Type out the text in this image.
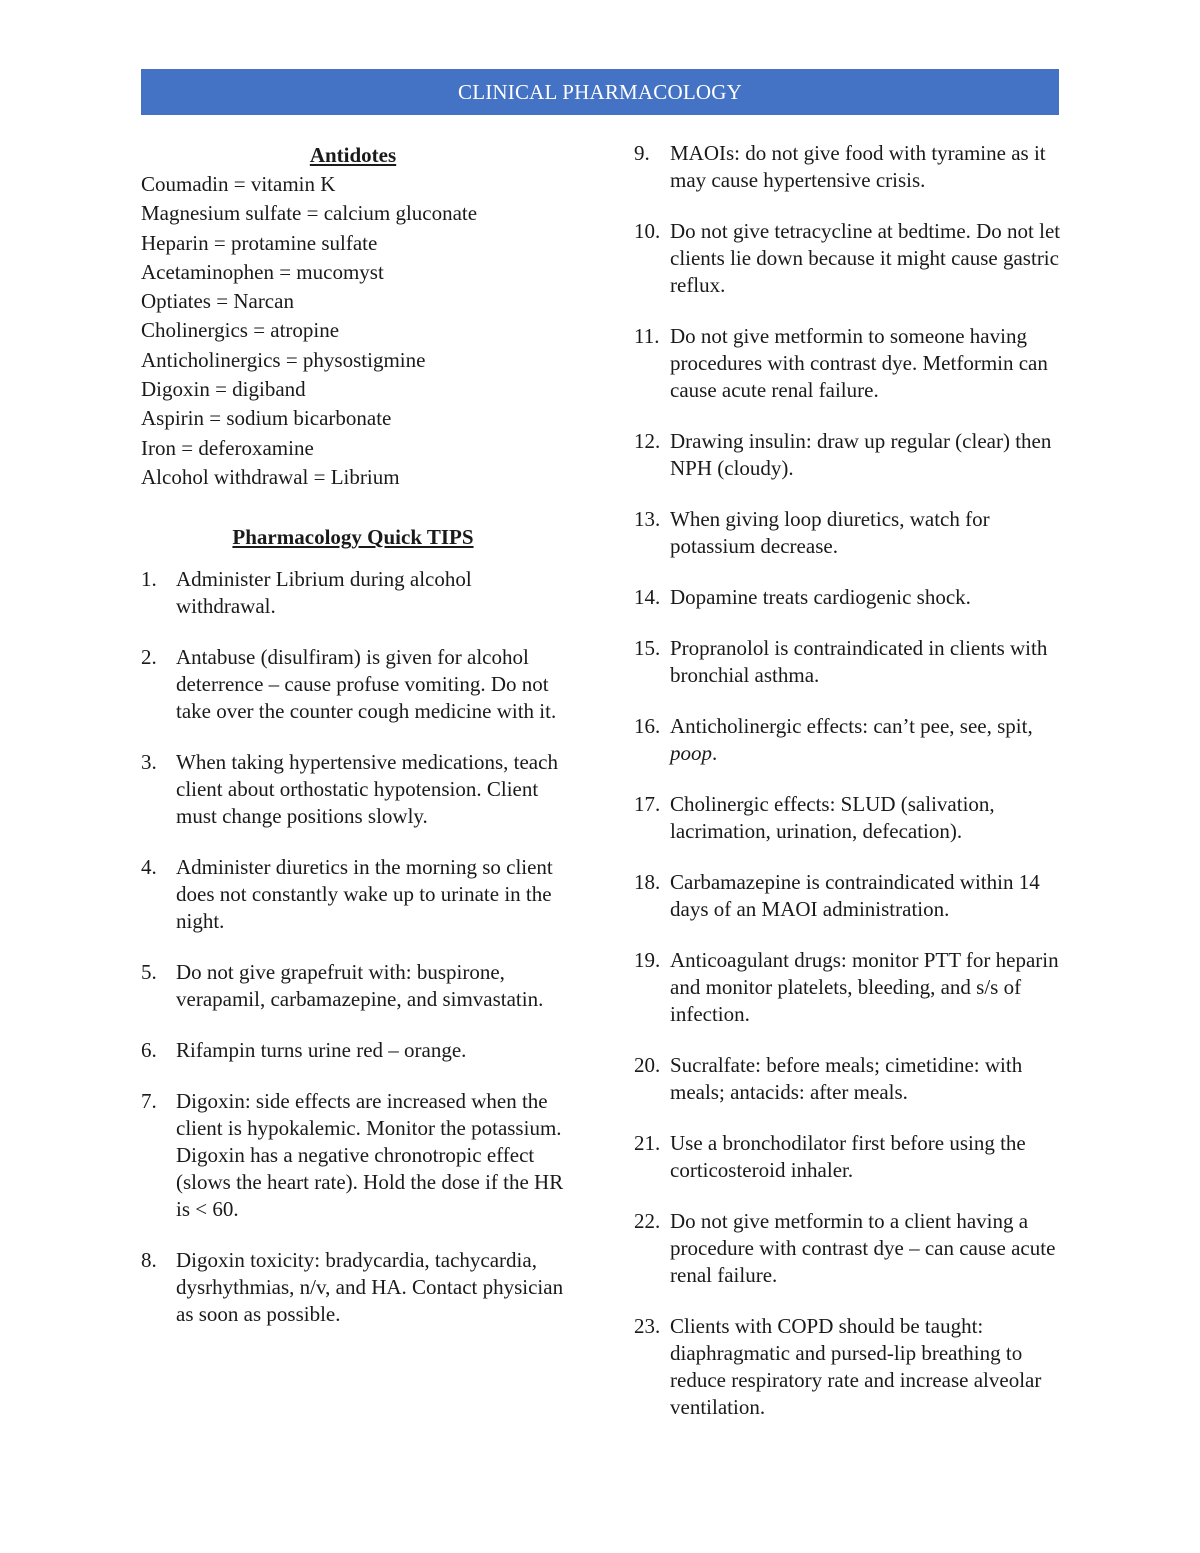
CLINICAL PHARMACOLOGY
Antidotes
Coumadin = vitamin K
Magnesium sulfate = calcium gluconate
Heparin = protamine sulfate
Acetaminophen = mucomyst
Optiates = Narcan
Cholinergics = atropine
Anticholinergics = physostigmine
Digoxin = digiband
Aspirin = sodium bicarbonate
Iron = deferoxamine
Alcohol withdrawal = Librium
Pharmacology Quick TIPS
1. Administer Librium during alcohol withdrawal.
2. Antabuse (disulfiram) is given for alcohol deterrence – cause profuse vomiting. Do not take over the counter cough medicine with it.
3. When taking hypertensive medications, teach client about orthostatic hypotension. Client must change positions slowly.
4. Administer diuretics in the morning so client does not constantly wake up to urinate in the night.
5. Do not give grapefruit with: buspirone, verapamil, carbamazepine, and simvastatin.
6. Rifampin turns urine red – orange.
7. Digoxin: side effects are increased when the client is hypokalemic. Monitor the potassium. Digoxin has a negative chronotropic effect (slows the heart rate). Hold the dose if the HR is < 60.
8. Digoxin toxicity: bradycardia, tachycardia, dysrhythmias, n/v, and HA. Contact physician as soon as possible.
9. MAOIs: do not give food with tyramine as it may cause hypertensive crisis.
10. Do not give tetracycline at bedtime. Do not let clients lie down because it might cause gastric reflux.
11. Do not give metformin to someone having procedures with contrast dye. Metformin can cause acute renal failure.
12. Drawing insulin: draw up regular (clear) then NPH (cloudy).
13. When giving loop diuretics, watch for potassium decrease.
14. Dopamine treats cardiogenic shock.
15. Propranolol is contraindicated in clients with bronchial asthma.
16. Anticholinergic effects: can’t pee, see, spit, poop.
17. Cholinergic effects: SLUD (salivation, lacrimation, urination, defecation).
18. Carbamazepine is contraindicated within 14 days of an MAOI administration.
19. Anticoagulant drugs: monitor PTT for heparin and monitor platelets, bleeding, and s/s of infection.
20. Sucralfate: before meals; cimetidine: with meals; antacids: after meals.
21. Use a bronchodilator first before using the corticosteroid inhaler.
22. Do not give metformin to a client having a procedure with contrast dye – can cause acute renal failure.
23. Clients with COPD should be taught: diaphragmatic and pursed-lip breathing to reduce respiratory rate and increase alveolar ventilation.
